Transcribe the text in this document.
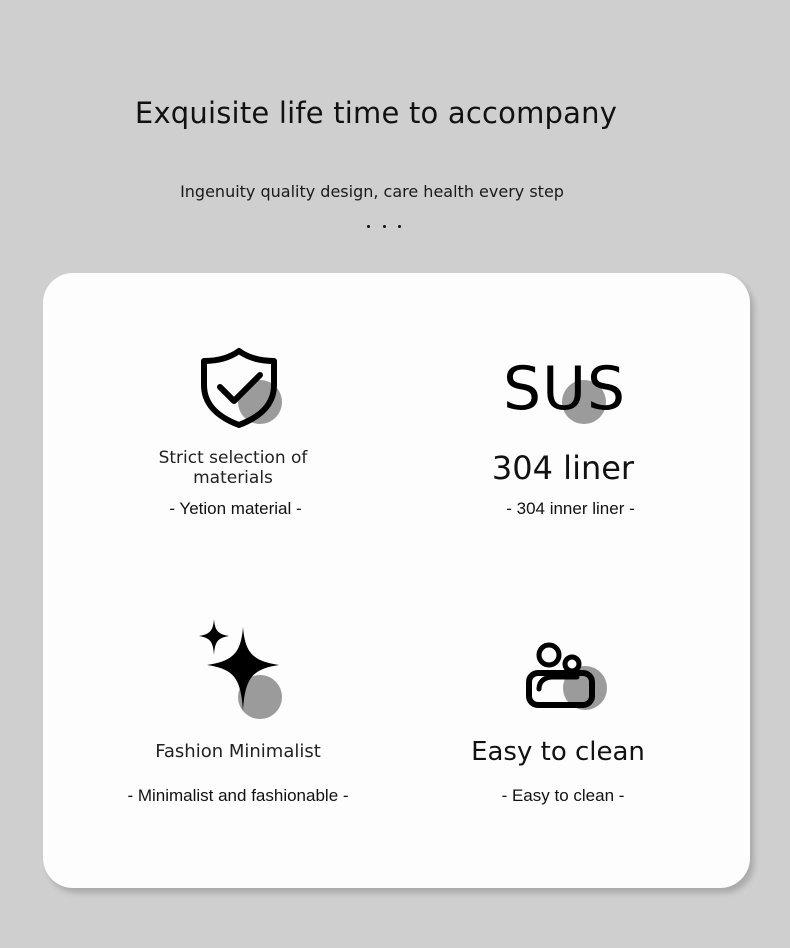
Exquisite life time to accompany
Ingenuity quality design, care health every step
Strict selection of
materials
- Yetion material -
SUS
304 liner
- 304 inner liner -
Fashion Minimalist
- Minimalist and fashionable -
Easy to clean
- Easy to clean -
